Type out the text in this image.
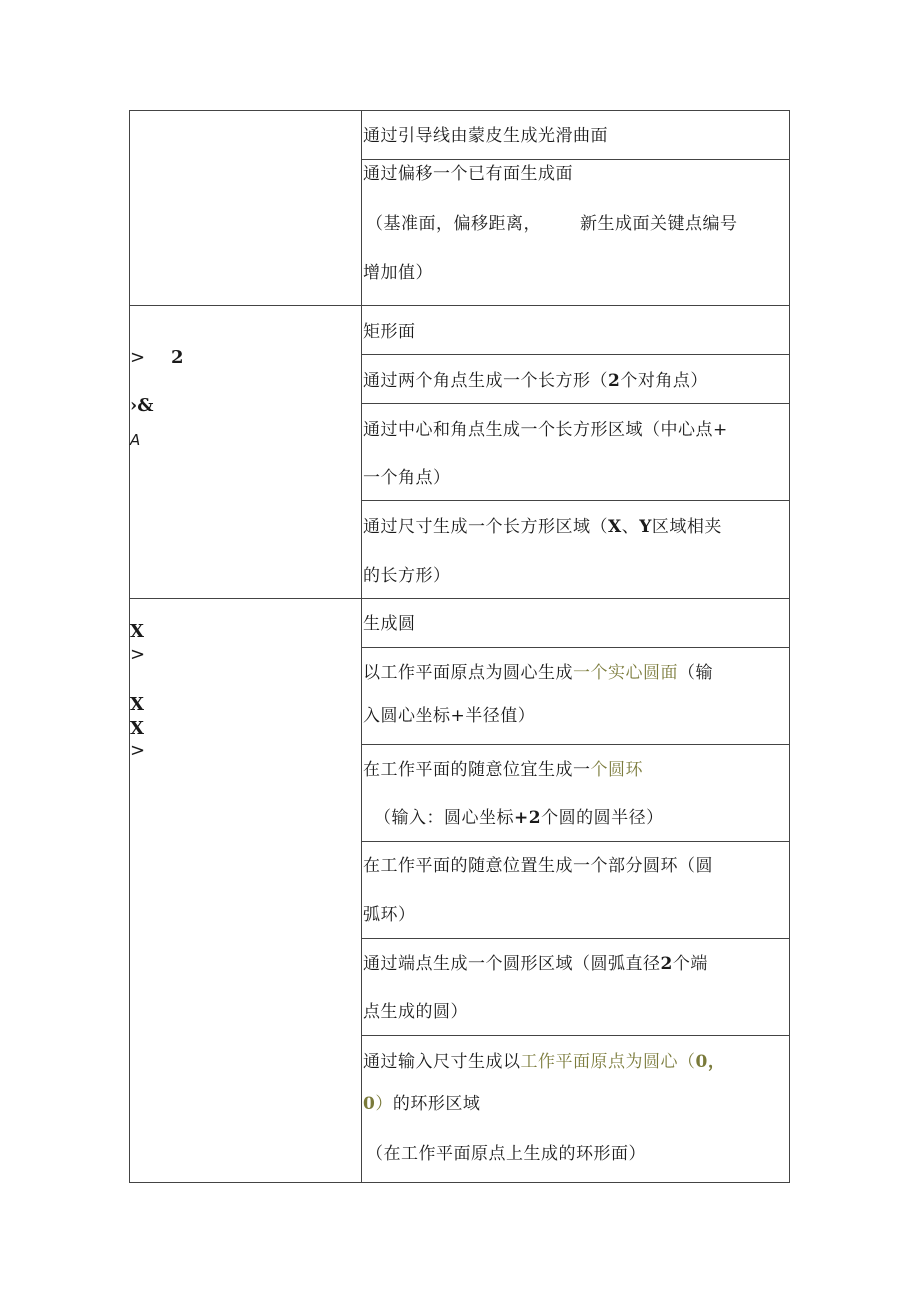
> 2
›&
A
X
>
X
X
>
通过引导线由蒙皮生成光滑曲面
通过偏移一个已有面生成面
（基准面，偏移距离， 新生成面关键点编号
增加值）
矩形面
通过两个角点生成一个长方形（2个对角点）
通过中心和角点生成一个长方形区域（中心点+
一个角点）
通过尺寸生成一个长方形区域（X、Y区域相夹
的长方形）
生成圆
以工作平面原点为圆心生成一个实心圆面（输
入圆心坐标+半径值）
在工作平面的随意位宜生成一个圆环
（输入：圆心坐标+2个圆的圆半径）
在工作平面的随意位置生成一个部分圆环（圆
弧环）
通过端点生成一个圆形区域（圆弧直径2个端
点生成的圆）
通过输入尺寸生成以工作平面原点为圆心（0，
0）的环形区域
（在工作平面原点上生成的环形面）
